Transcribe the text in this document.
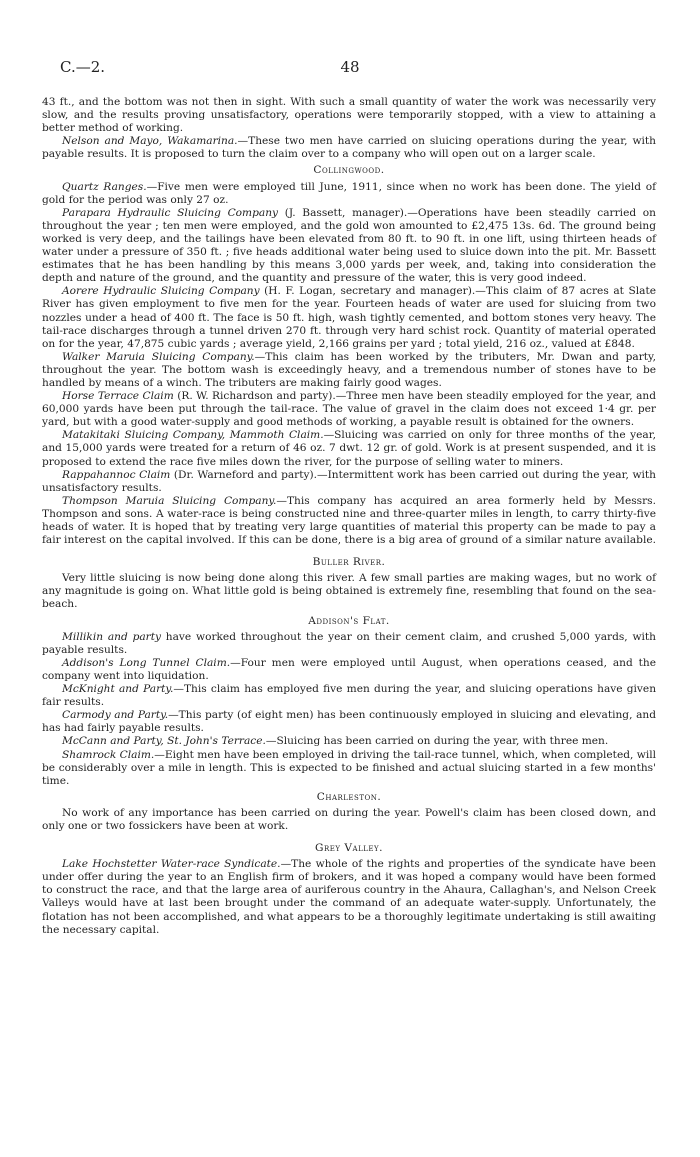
C.—2.	48

43 ft., and the bottom was not then in sight. With such a small quantity of water the work was necessarily very slow, and the results proving unsatisfactory, operations were temporarily stopped, with a view to attaining a better method of working.

Nelson and Mayo, Wakamarina.—These two men have carried on sluicing operations during the year, with payable results. It is proposed to turn the claim over to a company who will open out on a larger scale.

Collingwood.

Quartz Ranges.—Five men were employed till June, 1911, since when no work has been done. The yield of gold for the period was only 27 oz.

Parapara Hydraulic Sluicing Company (J. Bassett, manager).—Operations have been steadily carried on throughout the year ; ten men were employed, and the gold won amounted to £2,475 13s. 6d. The ground being worked is very deep, and the tailings have been elevated from 80 ft. to 90 ft. in one lift, using thirteen heads of water under a pressure of 350 ft. ; five heads additional water being used to sluice down into the pit. Mr. Bassett estimates that he has been handling by this means 3,000 yards per week, and, taking into consideration the depth and nature of the ground, and the quantity and pressure of the water, this is very good indeed.

Aorere Hydraulic Sluicing Company (H. F. Logan, secretary and manager).—This claim of 87 acres at Slate River has given employment to five men for the year. Fourteen heads of water are used for sluicing from two nozzles under a head of 400 ft. The face is 50 ft. high, wash tightly cemented, and bottom stones very heavy. The tail-race discharges through a tunnel driven 270 ft. through very hard schist rock. Quantity of material operated on for the year, 47,875 cubic yards ; average yield, 2,166 grains per yard ; total yield, 216 oz., valued at £848.

Walker Maruia Sluicing Company.—This claim has been worked by the tributers, Mr. Dwan and party, throughout the year. The bottom wash is exceedingly heavy, and a tremendous number of stones have to be handled by means of a winch. The tributers are making fairly good wages.

Horse Terrace Claim (R. W. Richardson and party).—Three men have been steadily employed for the year, and 60,000 yards have been put through the tail-race. The value of gravel in the claim does not exceed 1·4 gr. per yard, but with a good water-supply and good methods of working, a payable result is obtained for the owners.

Matakitaki Sluicing Company, Mammoth Claim.—Sluicing was carried on only for three months of the year, and 15,000 yards were treated for a return of 46 oz. 7 dwt. 12 gr. of gold. Work is at present suspended, and it is proposed to extend the race five miles down the river, for the purpose of selling water to miners.

Rappahannoc Claim (Dr. Warneford and party).—Intermittent work has been carried out during the year, with unsatisfactory results.

Thompson Maruia Sluicing Company.—This company has acquired an area formerly held by Messrs. Thompson and sons. A water-race is being constructed nine and three-quarter miles in length, to carry thirty-five heads of water. It is hoped that by treating very large quantities of material this property can be made to pay a fair interest on the capital involved. If this can be done, there is a big area of ground of a similar nature available.

Buller River.

Very little sluicing is now being done along this river. A few small parties are making wages, but no work of any magnitude is going on. What little gold is being obtained is extremely fine, resembling that found on the sea-beach.

Addison's Flat.

Millikin and party have worked throughout the year on their cement claim, and crushed 5,000 yards, with payable results.

Addison's Long Tunnel Claim.—Four men were employed until August, when operations ceased, and the company went into liquidation.

McKnight and Party.—This claim has employed five men during the year, and sluicing operations have given fair results.

Carmody and Party.—This party (of eight men) has been continuously employed in sluicing and elevating, and has had fairly payable results.

McCann and Party, St. John's Terrace.—Sluicing has been carried on during the year, with three men.

Shamrock Claim.—Eight men have been employed in driving the tail-race tunnel, which, when completed, will be considerably over a mile in length. This is expected to be finished and actual sluicing started in a few months' time.

Charleston.

No work of any importance has been carried on during the year. Powell's claim has been closed down, and only one or two fossickers have been at work.

Grey Valley.

Lake Hochstetter Water-race Syndicate.—The whole of the rights and properties of the syndicate have been under offer during the year to an English firm of brokers, and it was hoped a company would have been formed to construct the race, and that the large area of auriferous country in the Ahaura, Callaghan's, and Nelson Creek Valleys would have at last been brought under the command of an adequate water-supply. Unfortunately, the flotation has not been accomplished, and what appears to be a thoroughly legitimate undertaking is still awaiting the necessary capital.
